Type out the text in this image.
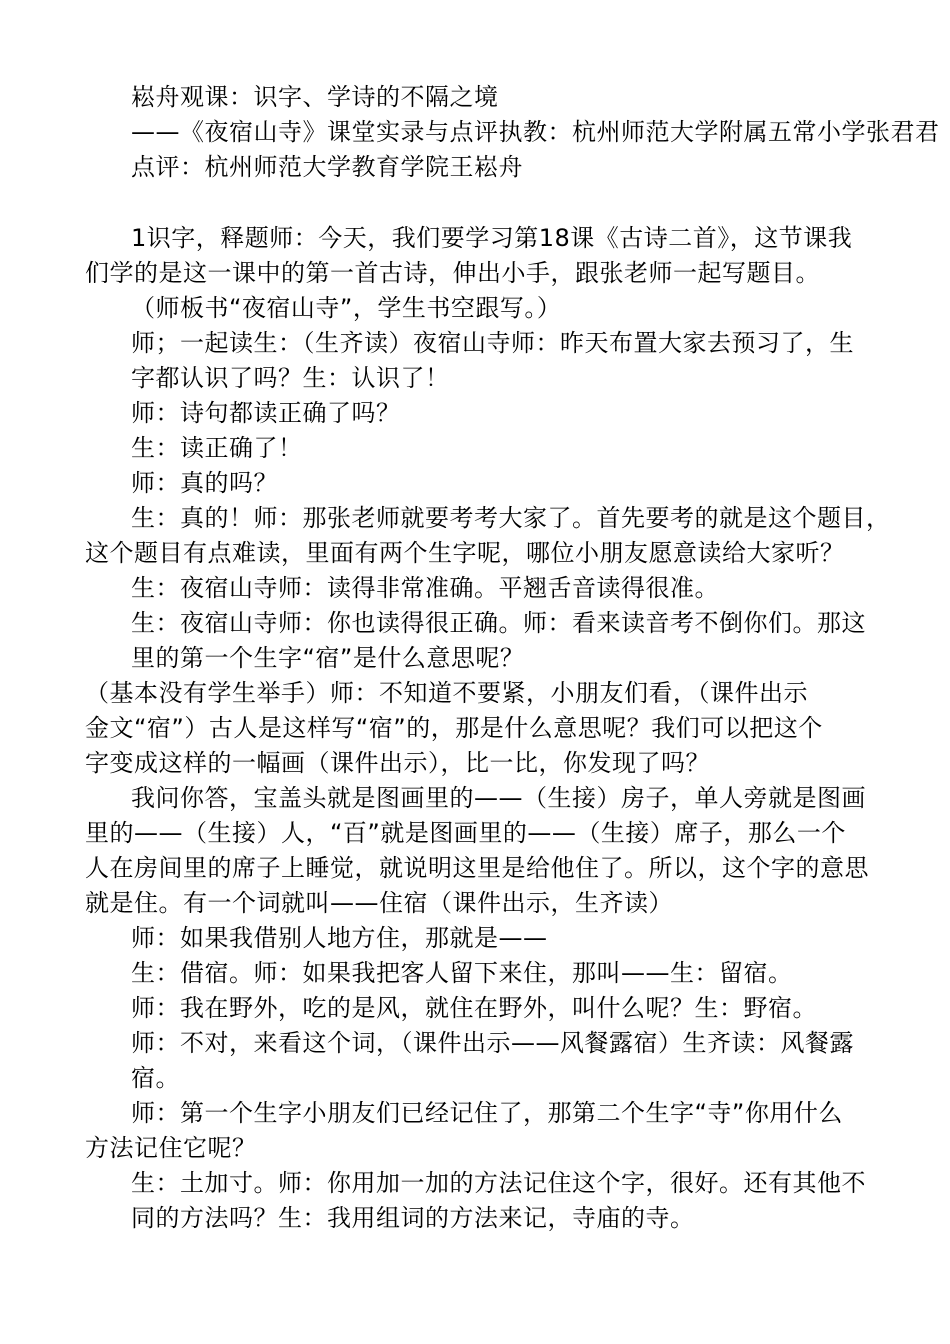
崧舟观课：识字、学诗的不隔之境
——《夜宿山寺》课堂实录与点评执教：杭州师范大学附属五常小学张君君
点评：杭州师范大学教育学院王崧舟
1识字，释题师：今天，我们要学习第18课《古诗二首》，这节课我
们学的是这一课中的第一首古诗，伸出小手，跟张老师一起写题目。
（师板书“夜宿山寺”，学生书空跟写。）
师；一起读生：（生齐读）夜宿山寺师：昨天布置大家去预习了，生
字都认识了吗？生：认识了！
师：诗句都读正确了吗？
生：读正确了！
师：真的吗？
生：真的！师：那张老师就要考考大家了。首先要考的就是这个题目，
这个题目有点难读，里面有两个生字呢，哪位小朋友愿意读给大家听？
生：夜宿山寺师：读得非常准确。平翘舌音读得很准。
生：夜宿山寺师：你也读得很正确。师：看来读音考不倒你们。那这
里的第一个生字“宿”是什么意思呢？
（基本没有学生举手）师：不知道不要紧，小朋友们看，（课件出示
金文“宿”）古人是这样写“宿”的，那是什么意思呢？我们可以把这个
字变成这样的一幅画（课件出示），比一比，你发现了吗？
我问你答，宝盖头就是图画里的——（生接）房子，单人旁就是图画
里的——（生接）人，“百”就是图画里的——（生接）席子，那么一个
人在房间里的席子上睡觉，就说明这里是给他住了。所以，这个字的意思
就是住。有一个词就叫——住宿（课件出示，生齐读）
师：如果我借别人地方住，那就是——
生：借宿。师：如果我把客人留下来住，那叫——生：留宿。
师：我在野外，吃的是风，就住在野外，叫什么呢？生：野宿。
师：不对，来看这个词，（课件出示——风餐露宿）生齐读：风餐露
宿。
师：第一个生字小朋友们已经记住了，那第二个生字“寺”你用什么
方法记住它呢？
生：土加寸。师：你用加一加的方法记住这个字，很好。还有其他不
同的方法吗？生：我用组词的方法来记，寺庙的寺。
